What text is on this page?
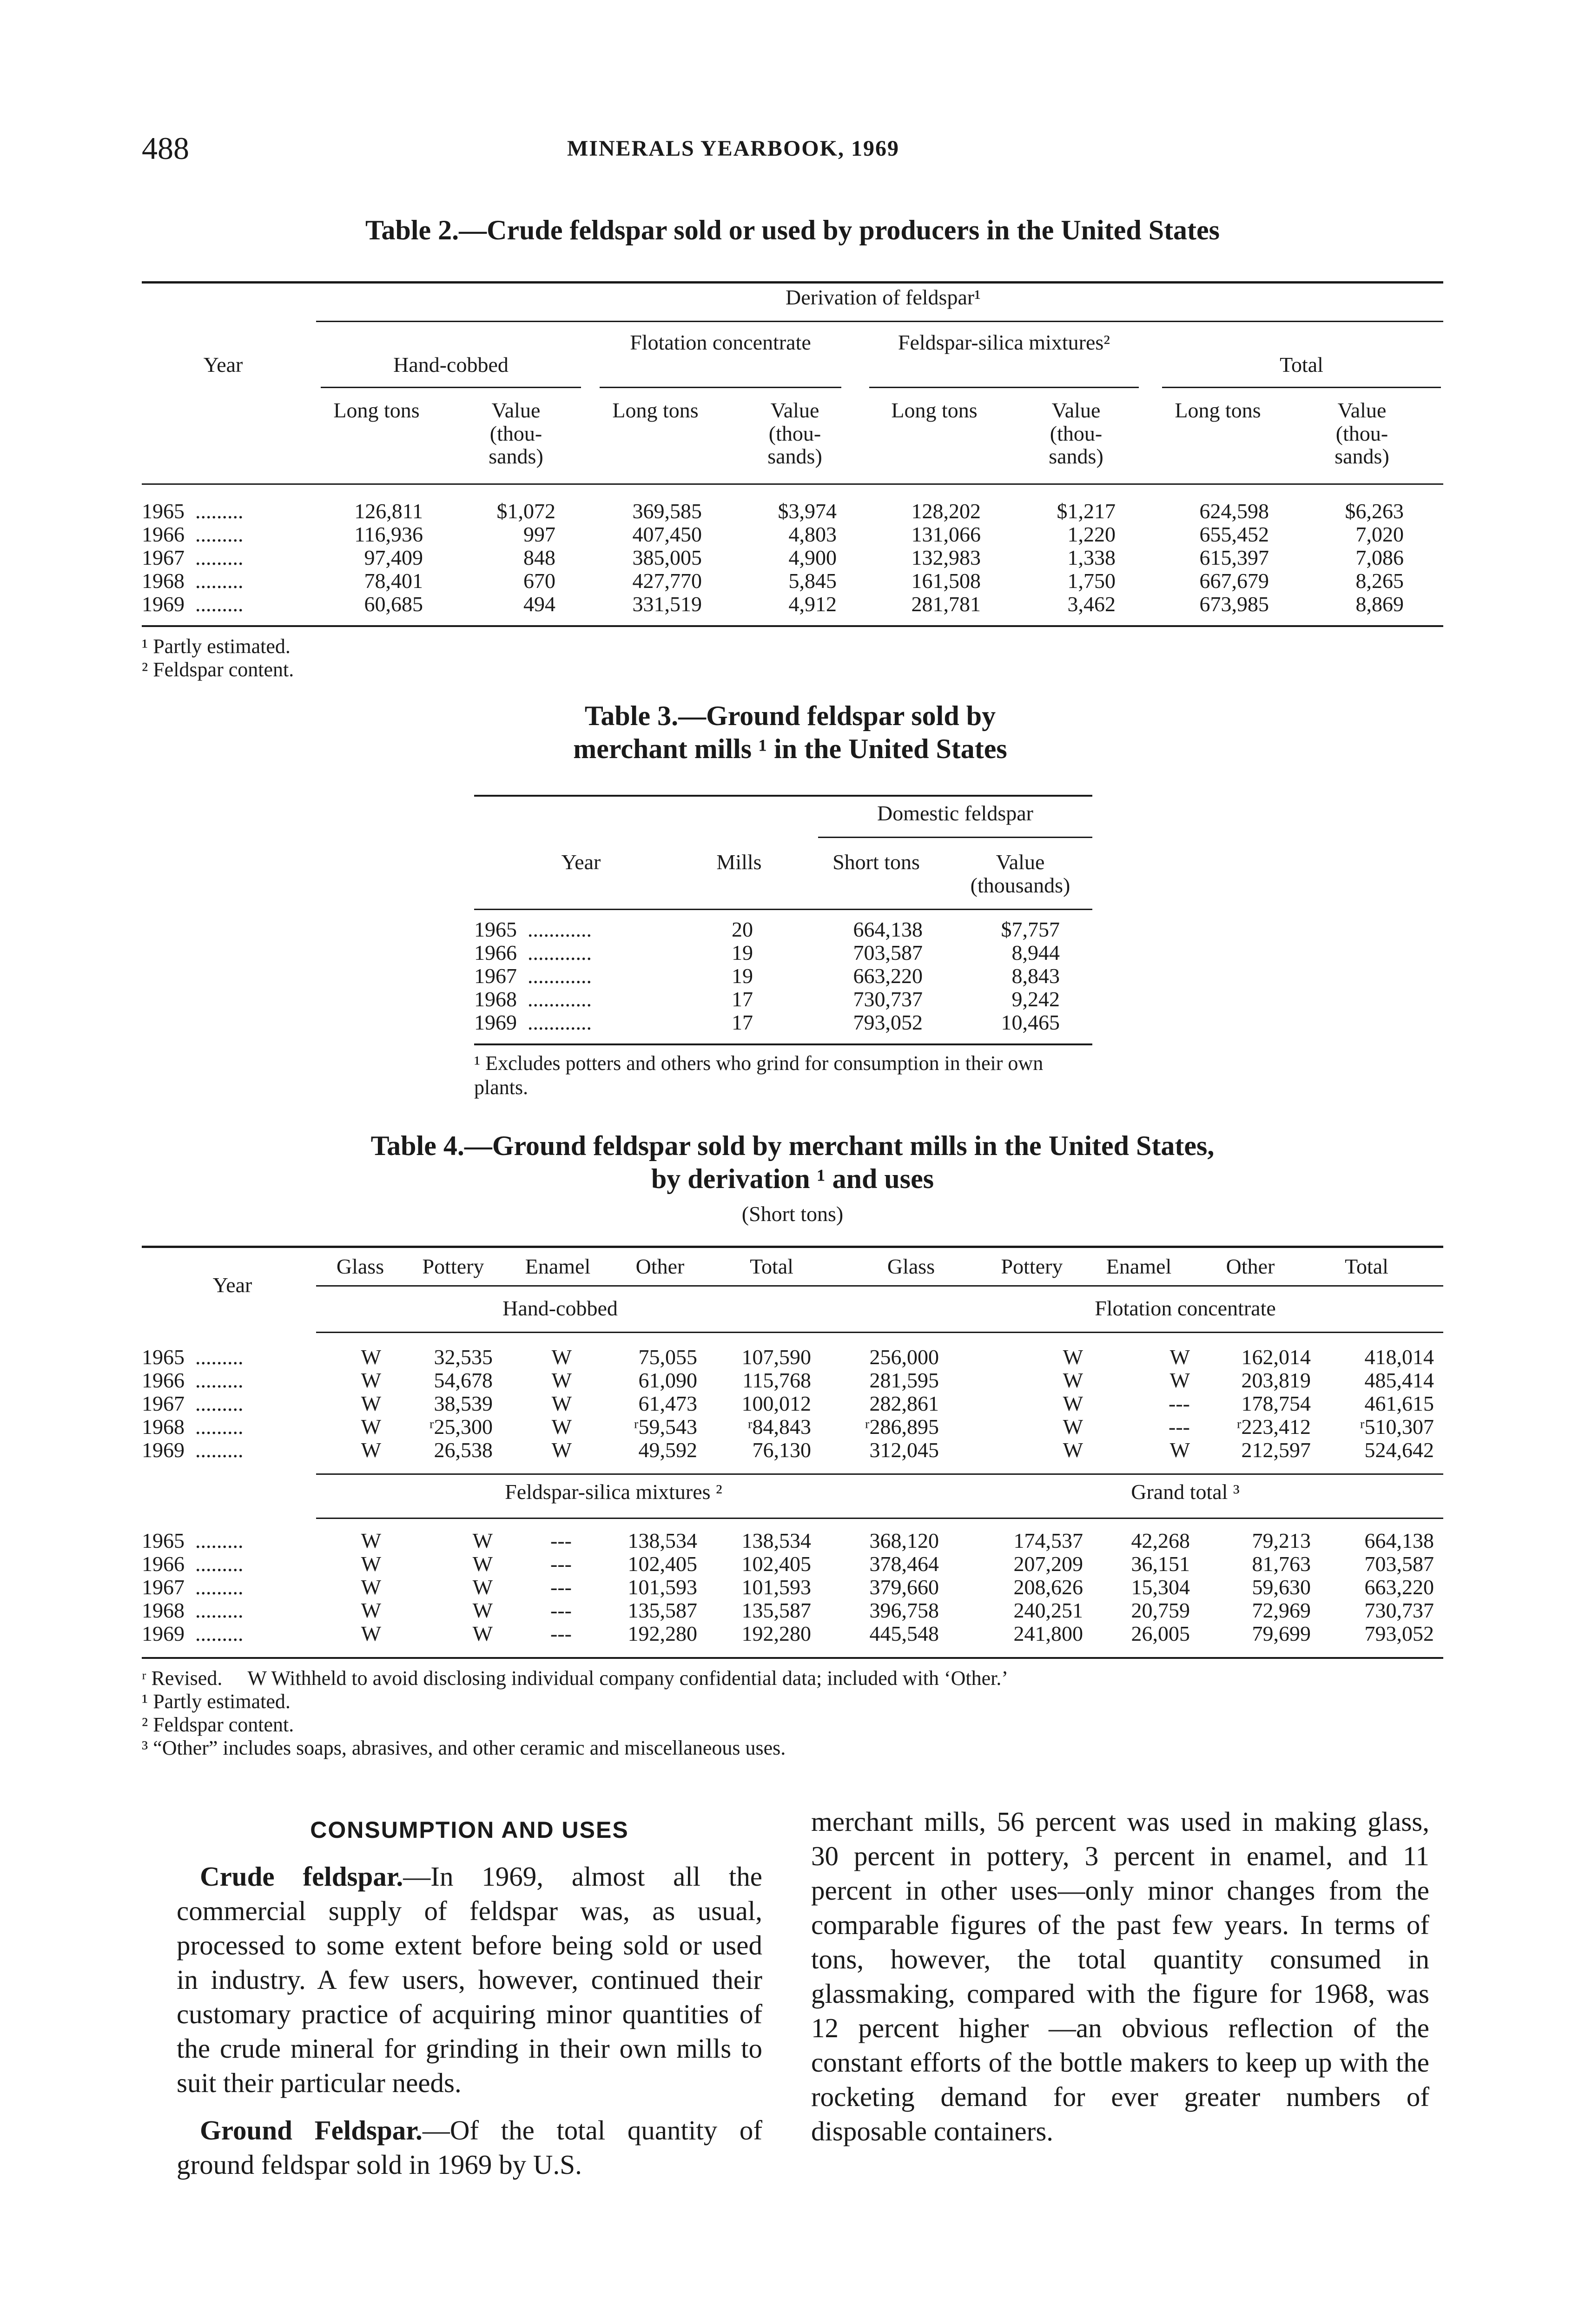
488	MINERALS YEARBOOK, 1969
Table 2.—Crude feldspar sold or used by producers in the United States
Derivation of feldspar¹
Year	Hand-cobbed
Flotation concentrate	Feldspar-silica mixtures²
Total
Long tons	Value (thou- sands)
Long tons	Value (thou- sands)
Long tons	Value (thou- sands)
Long tons	Value (thou- sands)
1965 .........	126,811	$1,072	369,585	$3,974	128,202	$1,217	624,598	$6,263
1966 .........	116,936	997	407,450	4,803	131,066	1,220	655,452	7,020
1967 .........	97,409	848	385,005	4,900	132,983	1,338	615,397	7,086
1968 .........	78,401	670	427,770	5,845	161,508	1,750	667,679	8,265
1969 .........	60,685	494	331,519	4,912	281,781	3,462	673,985	8,869
¹ Partly estimated.
² Feldspar content.
Table 3.—Ground feldspar sold by
merchant mills ¹ in the United States
Domestic feldspar
Year	Mills	Short tons	Value (thousands)
1965 ............	20	664,138	$7,757
1966 ............	19	703,587	8,944
1967 ............	19	663,220	8,843
1968 ............	17	730,737	9,242
1969 ............	17	793,052	10,465
¹ Excludes potters and others who grind for consumption in their own plants.
Table 4.—Ground feldspar sold by merchant mills in the United States,
by derivation ¹ and uses
(Short tons)
Year
Glass	Pottery	Enamel	Other	Total	Glass	Pottery	Enamel	Other	Total
Hand-cobbed	Flotation concentrate
1965 .........	W	32,535	W	75,055	107,590	256,000	W	W	162,014	418,014
1966 .........	W	54,678	W	61,090	115,768	281,595	W	W	203,819	485,414
1967 .........	W	38,539	W	61,473	100,012	282,861	W	---	178,754	461,615
1968 .........	W	ʳ25,300	W	ʳ59,543	ʳ84,843	ʳ286,895	W	---	ʳ223,412	ʳ510,307
1969 .........	W	26,538	W	49,592	76,130	312,045	W	W	212,597	524,642
Feldspar-silica mixtures ²	Grand total ³
1965 .........	W	W	---	138,534	138,534	368,120	174,537	42,268	79,213	664,138
1966 .........	W	W	---	102,405	102,405	378,464	207,209	36,151	81,763	703,587
1967 .........	W	W	---	101,593	101,593	379,660	208,626	15,304	59,630	663,220
1968 .........	W	W	---	135,587	135,587	396,758	240,251	20,759	72,969	730,737
1969 .........	W	W	---	192,280	192,280	445,548	241,800	26,005	79,699	793,052
ʳ Revised.     W Withheld to avoid disclosing individual company confidential data; included with ‘Other.’
¹ Partly estimated.
² Feldspar content.
³ “Other” includes soaps, abrasives, and other ceramic and miscellaneous uses.
CONSUMPTION AND USES

Crude feldspar.—In 1969, almost all the commercial supply of feldspar was, as usual, processed to some extent before being sold or used in industry. A few users, however, continued their customary practice of acquiring minor quantities of the crude mineral for grinding in their own mills to suit their particular needs.

Ground Feldspar.—Of the total quantity of ground feldspar sold in 1969 by U.S.

merchant mills, 56 percent was used in making glass, 30 percent in pottery, 3 percent in enamel, and 11 percent in other uses—only minor changes from the comparable figures of the past few years. In terms of tons, however, the total quantity consumed in glassmaking, compared with the figure for 1968, was 12 percent higher —an obvious reflection of the constant efforts of the bottle makers to keep up with the rocketing demand for ever greater numbers of disposable containers.
